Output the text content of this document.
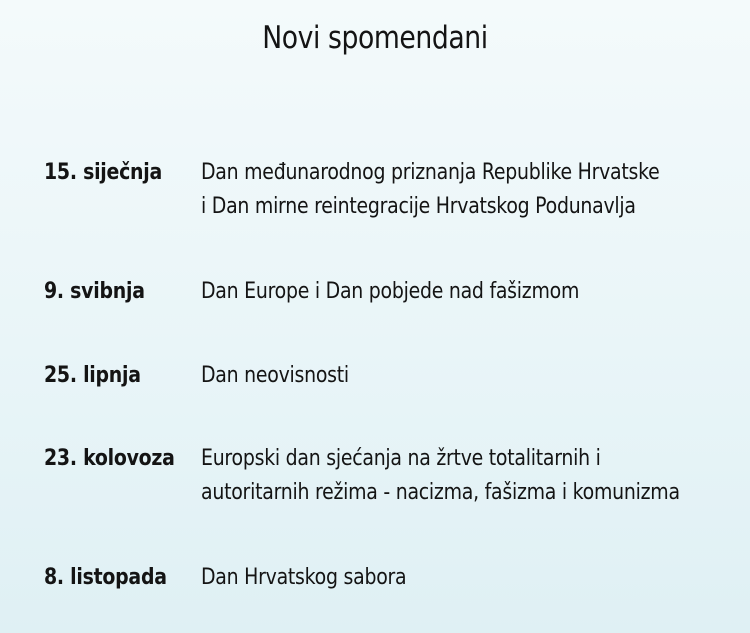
Novi spomendani
15. siječnja Dan međunarodnog priznanja Republike Hrvatske
i Dan mirne reintegracije Hrvatskog Podunavlja
9. svibnja	Dan Europe i Dan pobjede nad fašizmom
25. lipnja	Dan neovisnosti
23. kolovoza Europski dan sjećanja na žrtve totalitarnih i
autoritarnih režima - nacizma, fašizma i komunizma
8. listopada Dan Hrvatskog sabora
